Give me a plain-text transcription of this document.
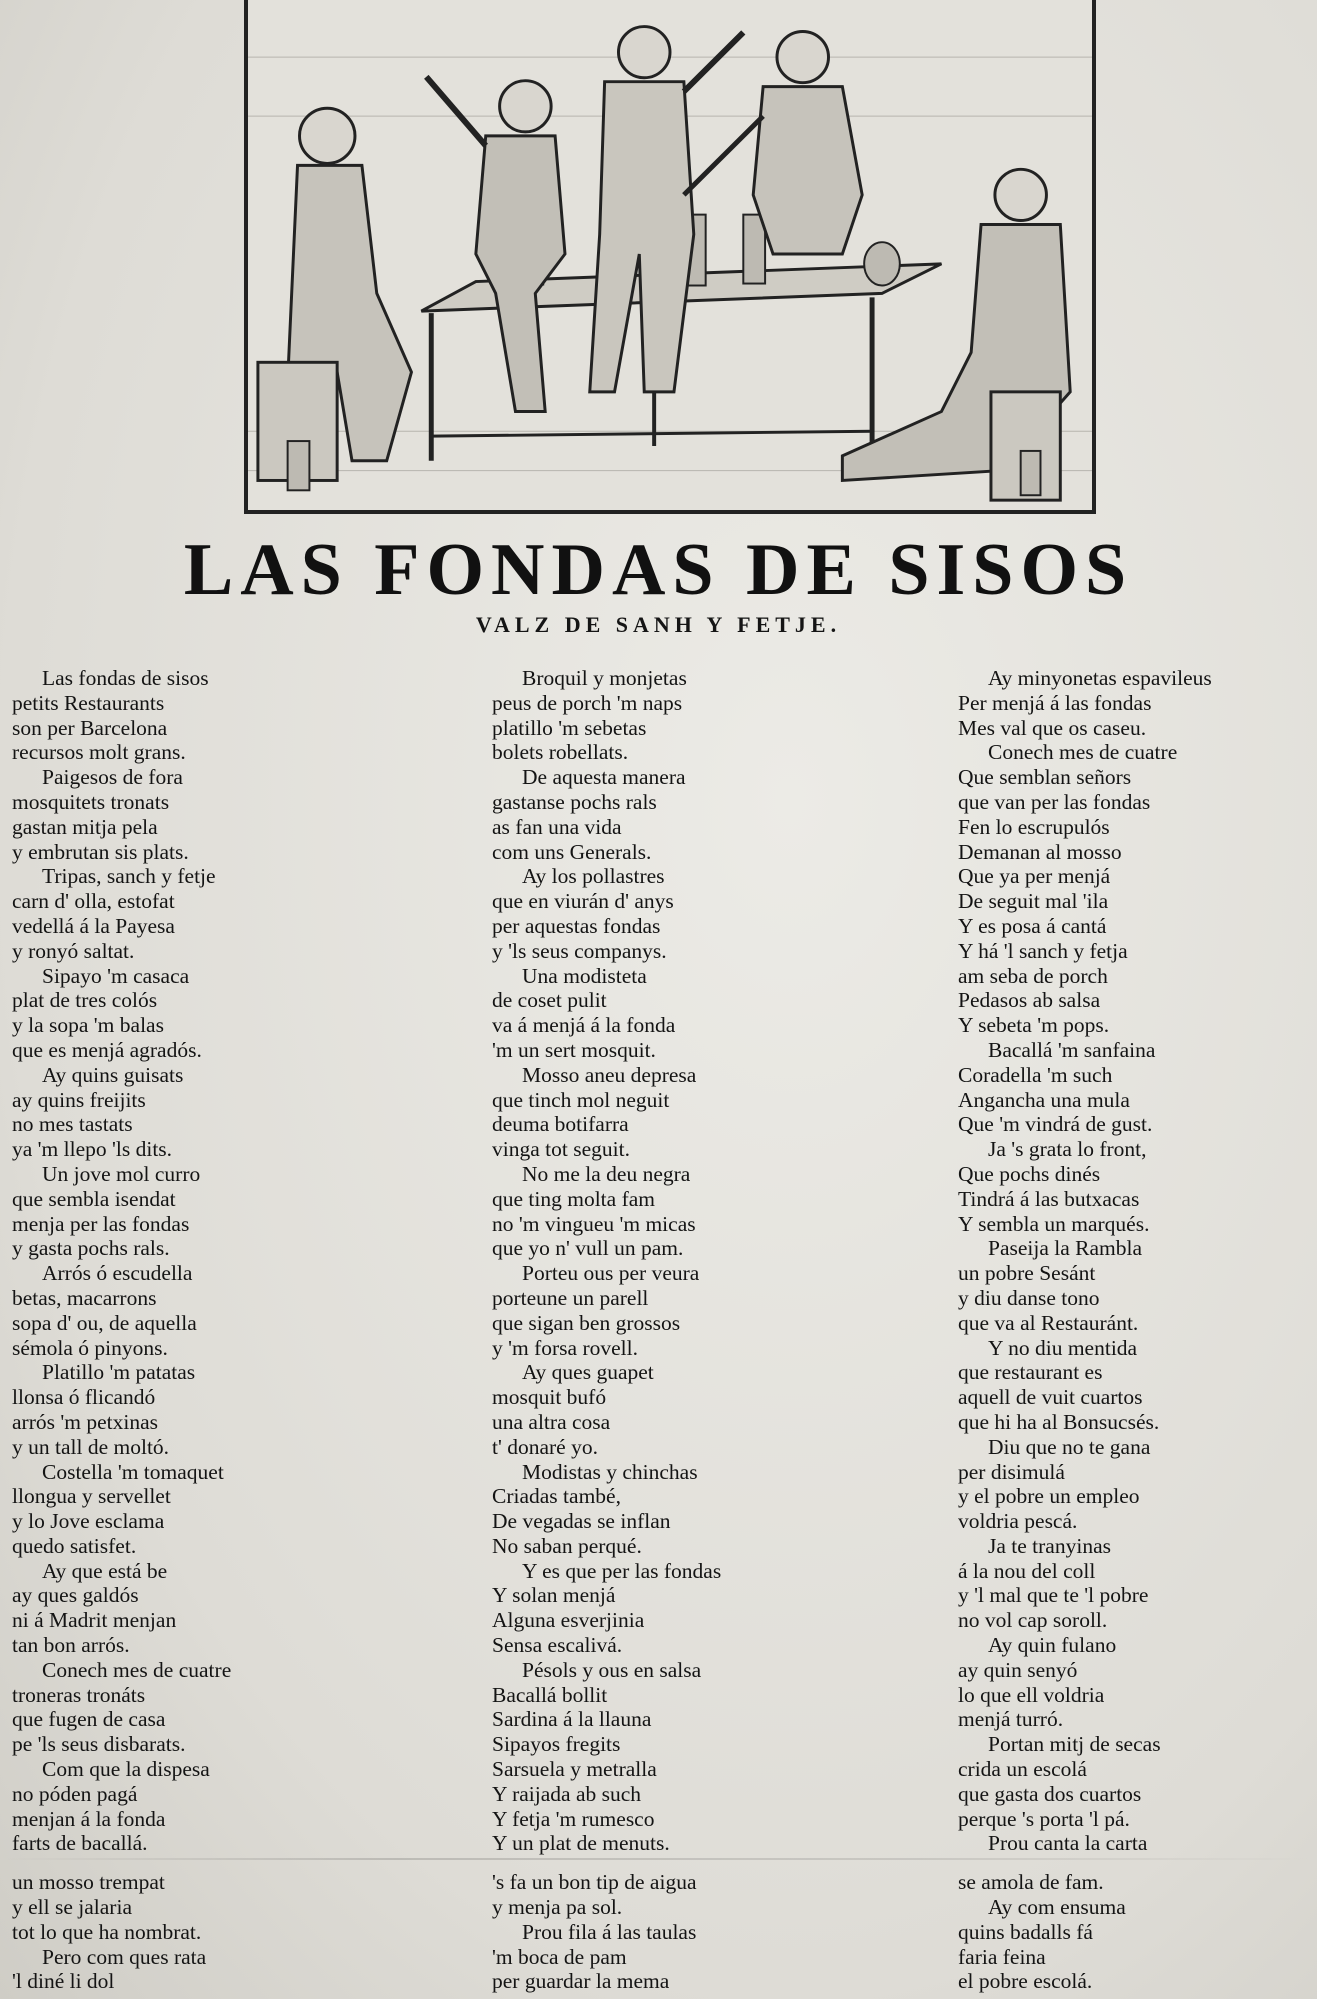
LAS FONDAS DE SISOS
VALZ DE SANH Y FETJE.
Las fondas de sisos
petits Restaurants
son per Barcelona
recursos molt grans.
Paigesos de fora
mosquitets tronats
gastan mitja pela
y embrutan sis plats.
Tripas, sanch y fetje
carn d' olla, estofat
vedellá á la Payesa
y ronyó saltat.
Sipayo 'm casaca
plat de tres colós
y la sopa 'm balas
que es menjá agradós.
Ay quins guisats
ay quins freijits
no mes tastats
ya 'm llepo 'ls dits.
Un jove mol curro
que sembla isendat
menja per las fondas
y gasta pochs rals.
Arrós ó escudella
betas, macarrons
sopa d' ou, de aquella
sémola ó pinyons.
Platillo 'm patatas
llonsa ó flicandó
arrós 'm petxinas
y un tall de moltó.
Costella 'm tomaquet
llongua y servellet
y lo Jove esclama
quedo satisfet.
Ay que está be
ay ques galdós
ni á Madrit menjan
tan bon arrós.
Conech mes de cuatre
troneras tronáts
que fugen de casa
pe 'ls seus disbarats.
Com que la dispesa
no póden pagá
menjan á la fonda
farts de bacallá.
un mosso trempat
y ell se jalaria
tot lo que ha nombrat.
Pero com ques rata
'l diné li dol
Broquil y monjetas
peus de porch 'm naps
platillo 'm sebetas
bolets robellats.
De aquesta manera
gastanse pochs rals
as fan una vida
com uns Generals.
Ay los pollastres
que en viurán d' anys
per aquestas fondas
y 'ls seus companys.
Una modisteta
de coset pulit
va á menjá á la fonda
'm un sert mosquit.
Mosso aneu depresa
que tinch mol neguit
deuma botifarra
vinga tot seguit.
No me la deu negra
que ting molta fam
no 'm vingueu 'm micas
que yo n' vull un pam.
Porteu ous per veura
porteune un parell
que sigan ben grossos
y 'm forsa rovell.
Ay ques guapet
mosquit bufó
una altra cosa
t' donaré yo.
Modistas y chinchas
Criadas també,
De vegadas se inflan
No saban perqué.
Y es que per las fondas
Y solan menjá
Alguna esverjinia
Sensa escalivá.
Pésols y ous en salsa
Bacallá bollit
Sardina á la llauna
Sipayos fregits
Sarsuela y metralla
Y raijada ab such
Y fetja 'm rumesco
Y un plat de menuts.
's fa un bon tip de aigua
y menja pa sol.
Prou fila á las taulas
'm boca de pam
per guardar la mema
Ay minyonetas espavileus
Per menjá á las fondas
Mes val que os caseu.
Conech mes de cuatre
Que semblan señors
que van per las fondas
Fen lo escrupulós
Demanan al mosso
Que ya per menjá
De seguit mal 'ila
Y es posa á cantá
Y há 'l sanch y fetja
am seba de porch
Pedasos ab salsa
Y sebeta 'm pops.
Bacallá 'm sanfaina
Coradella 'm such
Angancha una mula
Que 'm vindrá de gust.
Ja 's grata lo front,
Que pochs dinés
Tindrá á las butxacas
Y sembla un marqués.
Paseija la Rambla
un pobre Sesánt
y diu danse tono
que va al Restauránt.
Y no diu mentida
que restaurant es
aquell de vuit cuartos
que hi ha al Bonsucsés.
Diu que no te gana
per disimulá
y el pobre un empleo
voldria pescá.
Ja te tranyinas
á la nou del coll
y 'l mal que te 'l pobre
no vol cap soroll.
Ay quin fulano
ay quin senyó
lo que ell voldria
menjá turró.
Portan mitj de secas
crida un escolá
que gasta dos cuartos
perque 's porta 'l pá.
Prou canta la carta
se amola de fam.
Ay com ensuma
quins badalls fá
faria feina
el pobre escolá.
